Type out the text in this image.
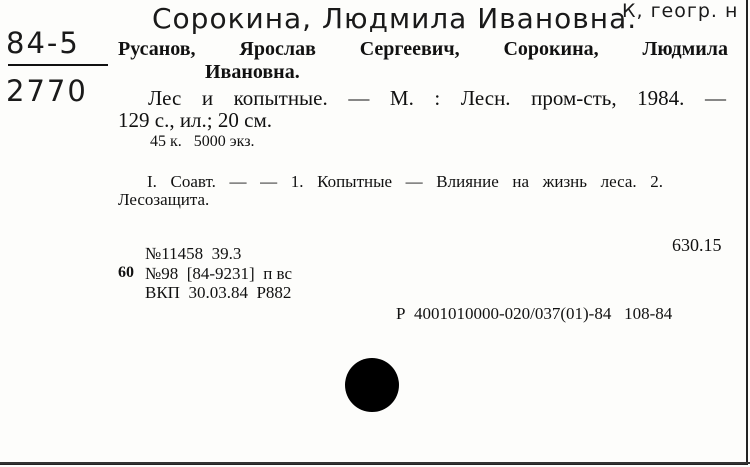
Сорокина, Людмила Ивановна.
К, геогр. н
84-5
2770
Русанов, Ярослав Сергеевич, Сорокина, Людмила
Ивановна.
Лес и копытные. — М. : Лесн. пром-сть, 1984. —
129 с., ил.; 20 см.
45 к.   5000 экз.
I. Соавт. — — 1. Копытные — Влияние на жизнь леса. 2.
Лесозащита.
630.15
№11458  39.3
60 №98  [84-9231]  п вс
ВКП  30.03.84  Р882
Р  4001010000-020/037(01)-84   108-84
